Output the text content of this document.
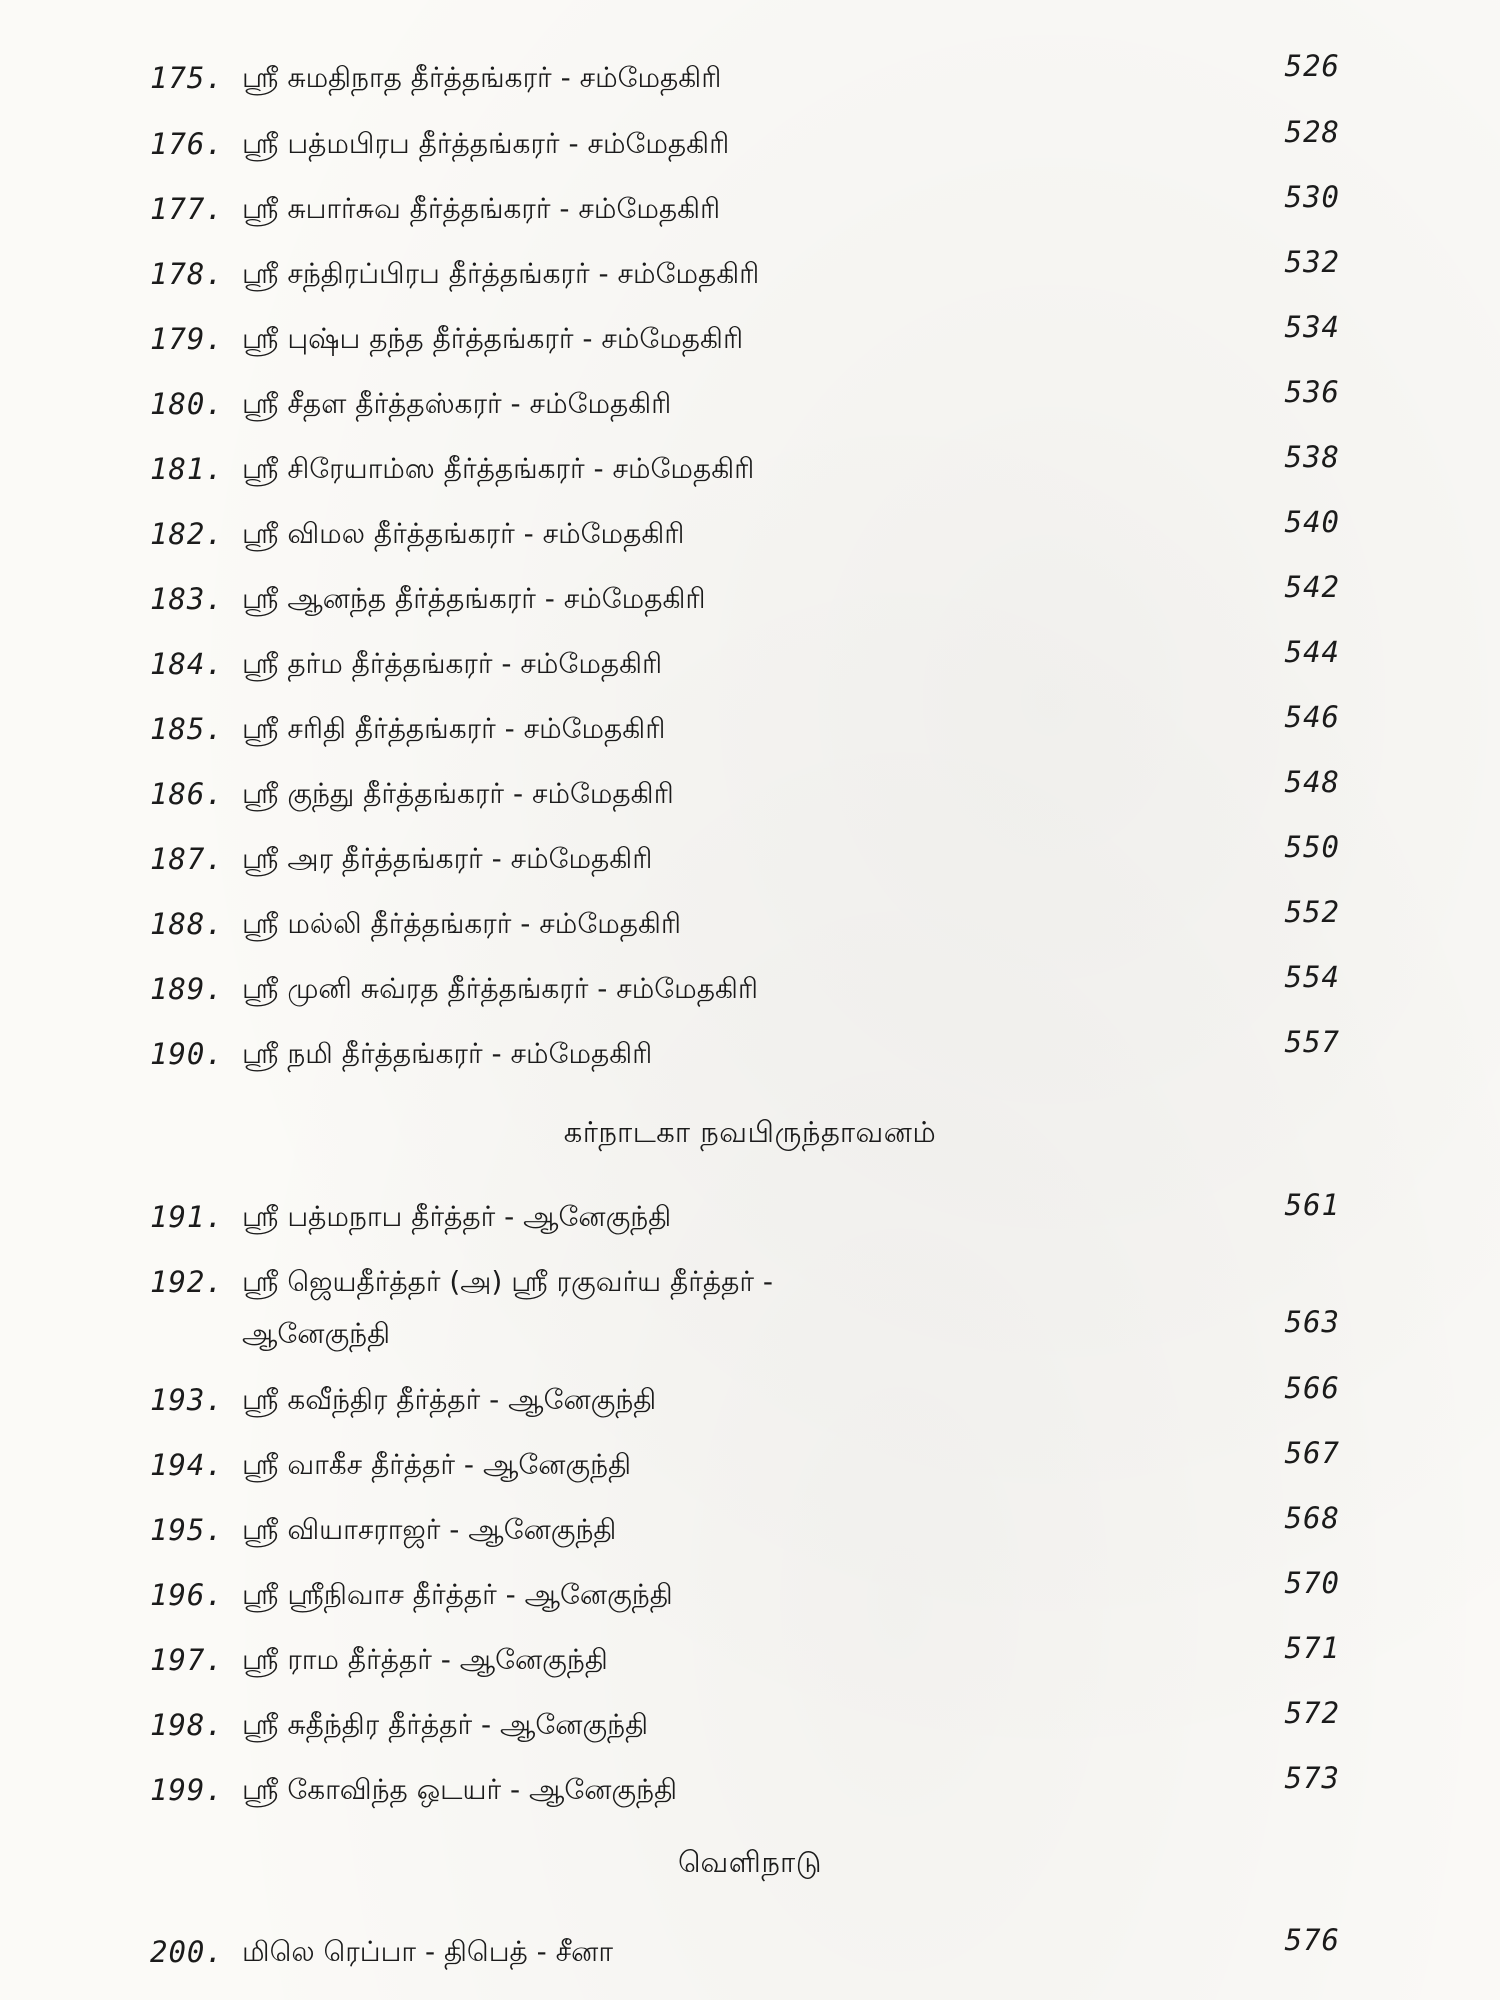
175. ஸ்ரீ சுமதிநாத தீர்த்தங்கரர் - சம்மேதகிரி	526
176. ஸ்ரீ பத்மபிரப தீர்த்தங்கரர் - சம்மேதகிரி	528
177. ஸ்ரீ சுபார்சுவ தீர்த்தங்கரர் - சம்மேதகிரி	530
178. ஸ்ரீ சந்திரப்பிரப தீர்த்தங்கரர் - சம்மேதகிரி	532
179. ஸ்ரீ புஷ்ப தந்த தீர்த்தங்கரர் - சம்மேதகிரி	534
180. ஸ்ரீ சீதள தீர்த்தஸ்கரர் - சம்மேதகிரி	536
181. ஸ்ரீ சிரேயாம்ஸ தீர்த்தங்கரர் - சம்மேதகிரி	538
182. ஸ்ரீ விமல தீர்த்தங்கரர் - சம்மேதகிரி	540
183. ஸ்ரீ ஆனந்த தீர்த்தங்கரர் - சம்மேதகிரி	542
184. ஸ்ரீ தர்ம தீர்த்தங்கரர் - சம்மேதகிரி	544
185. ஸ்ரீ சரிதி தீர்த்தங்கரர் - சம்மேதகிரி	546
186. ஸ்ரீ குந்து தீர்த்தங்கரர் - சம்மேதகிரி	548
187. ஸ்ரீ அர தீர்த்தங்கரர் - சம்மேதகிரி	550
188. ஸ்ரீ மல்லி தீர்த்தங்கரர் - சம்மேதகிரி	552
189. ஸ்ரீ முனி சுவ்ரத தீர்த்தங்கரர் - சம்மேதகிரி	554
190. ஸ்ரீ நமி தீர்த்தங்கரர் - சம்மேதகிரி	557
கர்நாடகா நவபிருந்தாவனம்
191. ஸ்ரீ பத்மநாப தீர்த்தர் - ஆனேகுந்தி	561
192. ஸ்ரீ ஜெயதீர்த்தர் (அ) ஸ்ரீ ரகுவர்ய தீர்த்தர் -
ஆனேகுந்தி	563
193. ஸ்ரீ கவீந்திர தீர்த்தர் - ஆனேகுந்தி	566
194. ஸ்ரீ வாகீச தீர்த்தர் - ஆனேகுந்தி	567
195. ஸ்ரீ வியாசராஜர் - ஆனேகுந்தி	568
196. ஸ்ரீ ஸ்ரீநிவாச தீர்த்தர் - ஆனேகுந்தி	570
197. ஸ்ரீ ராம தீர்த்தர் - ஆனேகுந்தி	571
198. ஸ்ரீ சுதீந்திர தீர்த்தர் - ஆனேகுந்தி	572
199. ஸ்ரீ கோவிந்த ஒடயர் - ஆனேகுந்தி	573
வெளிநாடு
200. மிலெ ரெப்பா - திபெத் - சீனா	576
